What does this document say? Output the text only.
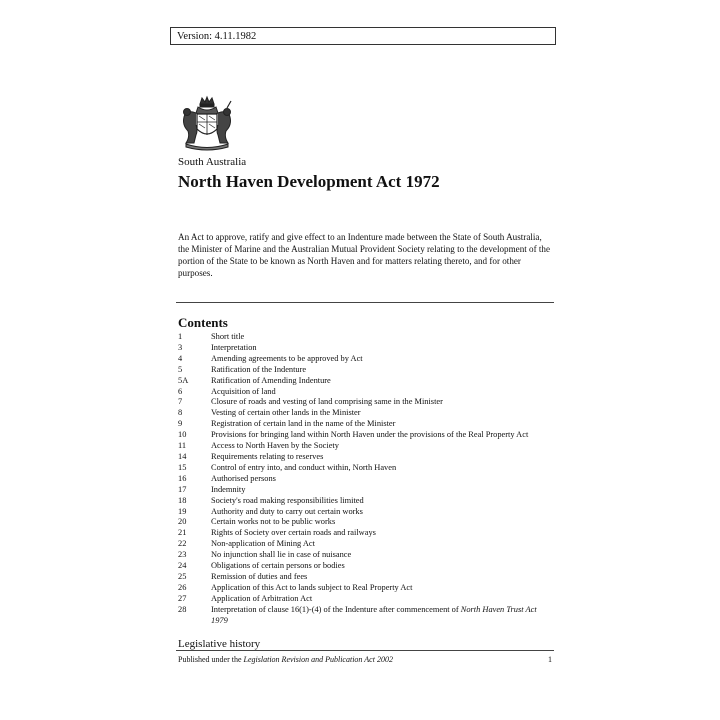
Version: 4.11.1982
South Australia
North Haven Development Act 1972

An Act to approve, ratify and give effect to an Indenture made between the State of South Australia, the Minister of Marine and the Australian Mutual Provident Society relating to the development of the portion of the State to be known as North Haven and for matters relating thereto, and for other purposes.

Contents
1	Short title
3	Interpretation
4	Amending agreements to be approved by Act
5	Ratification of the Indenture
5A	Ratification of Amending Indenture
6	Acquisition of land
7	Closure of roads and vesting of land comprising same in the Minister
8	Vesting of certain other lands in the Minister
9	Registration of certain land in the name of the Minister
10	Provisions for bringing land within North Haven under the provisions of the Real Property Act
11	Access to North Haven by the Society
14	Requirements relating to reserves
15	Control of entry into, and conduct within, North Haven
16	Authorised persons
17	Indemnity
18	Society's road making responsibilities limited
19	Authority and duty to carry out certain works
20	Certain works not to be public works
21	Rights of Society over certain roads and railways
22	Non-application of Mining Act
23	No injunction shall lie in case of nuisance
24	Obligations of certain persons or bodies
25	Remission of duties and fees
26	Application of this Act to lands subject to Real Property Act
27	Application of Arbitration Act
28	Interpretation of clause 16(1)-(4) of the Indenture after commencement of North Haven Trust Act 1979
Legislative history
Published under the Legislation Revision and Publication Act 2002	1
